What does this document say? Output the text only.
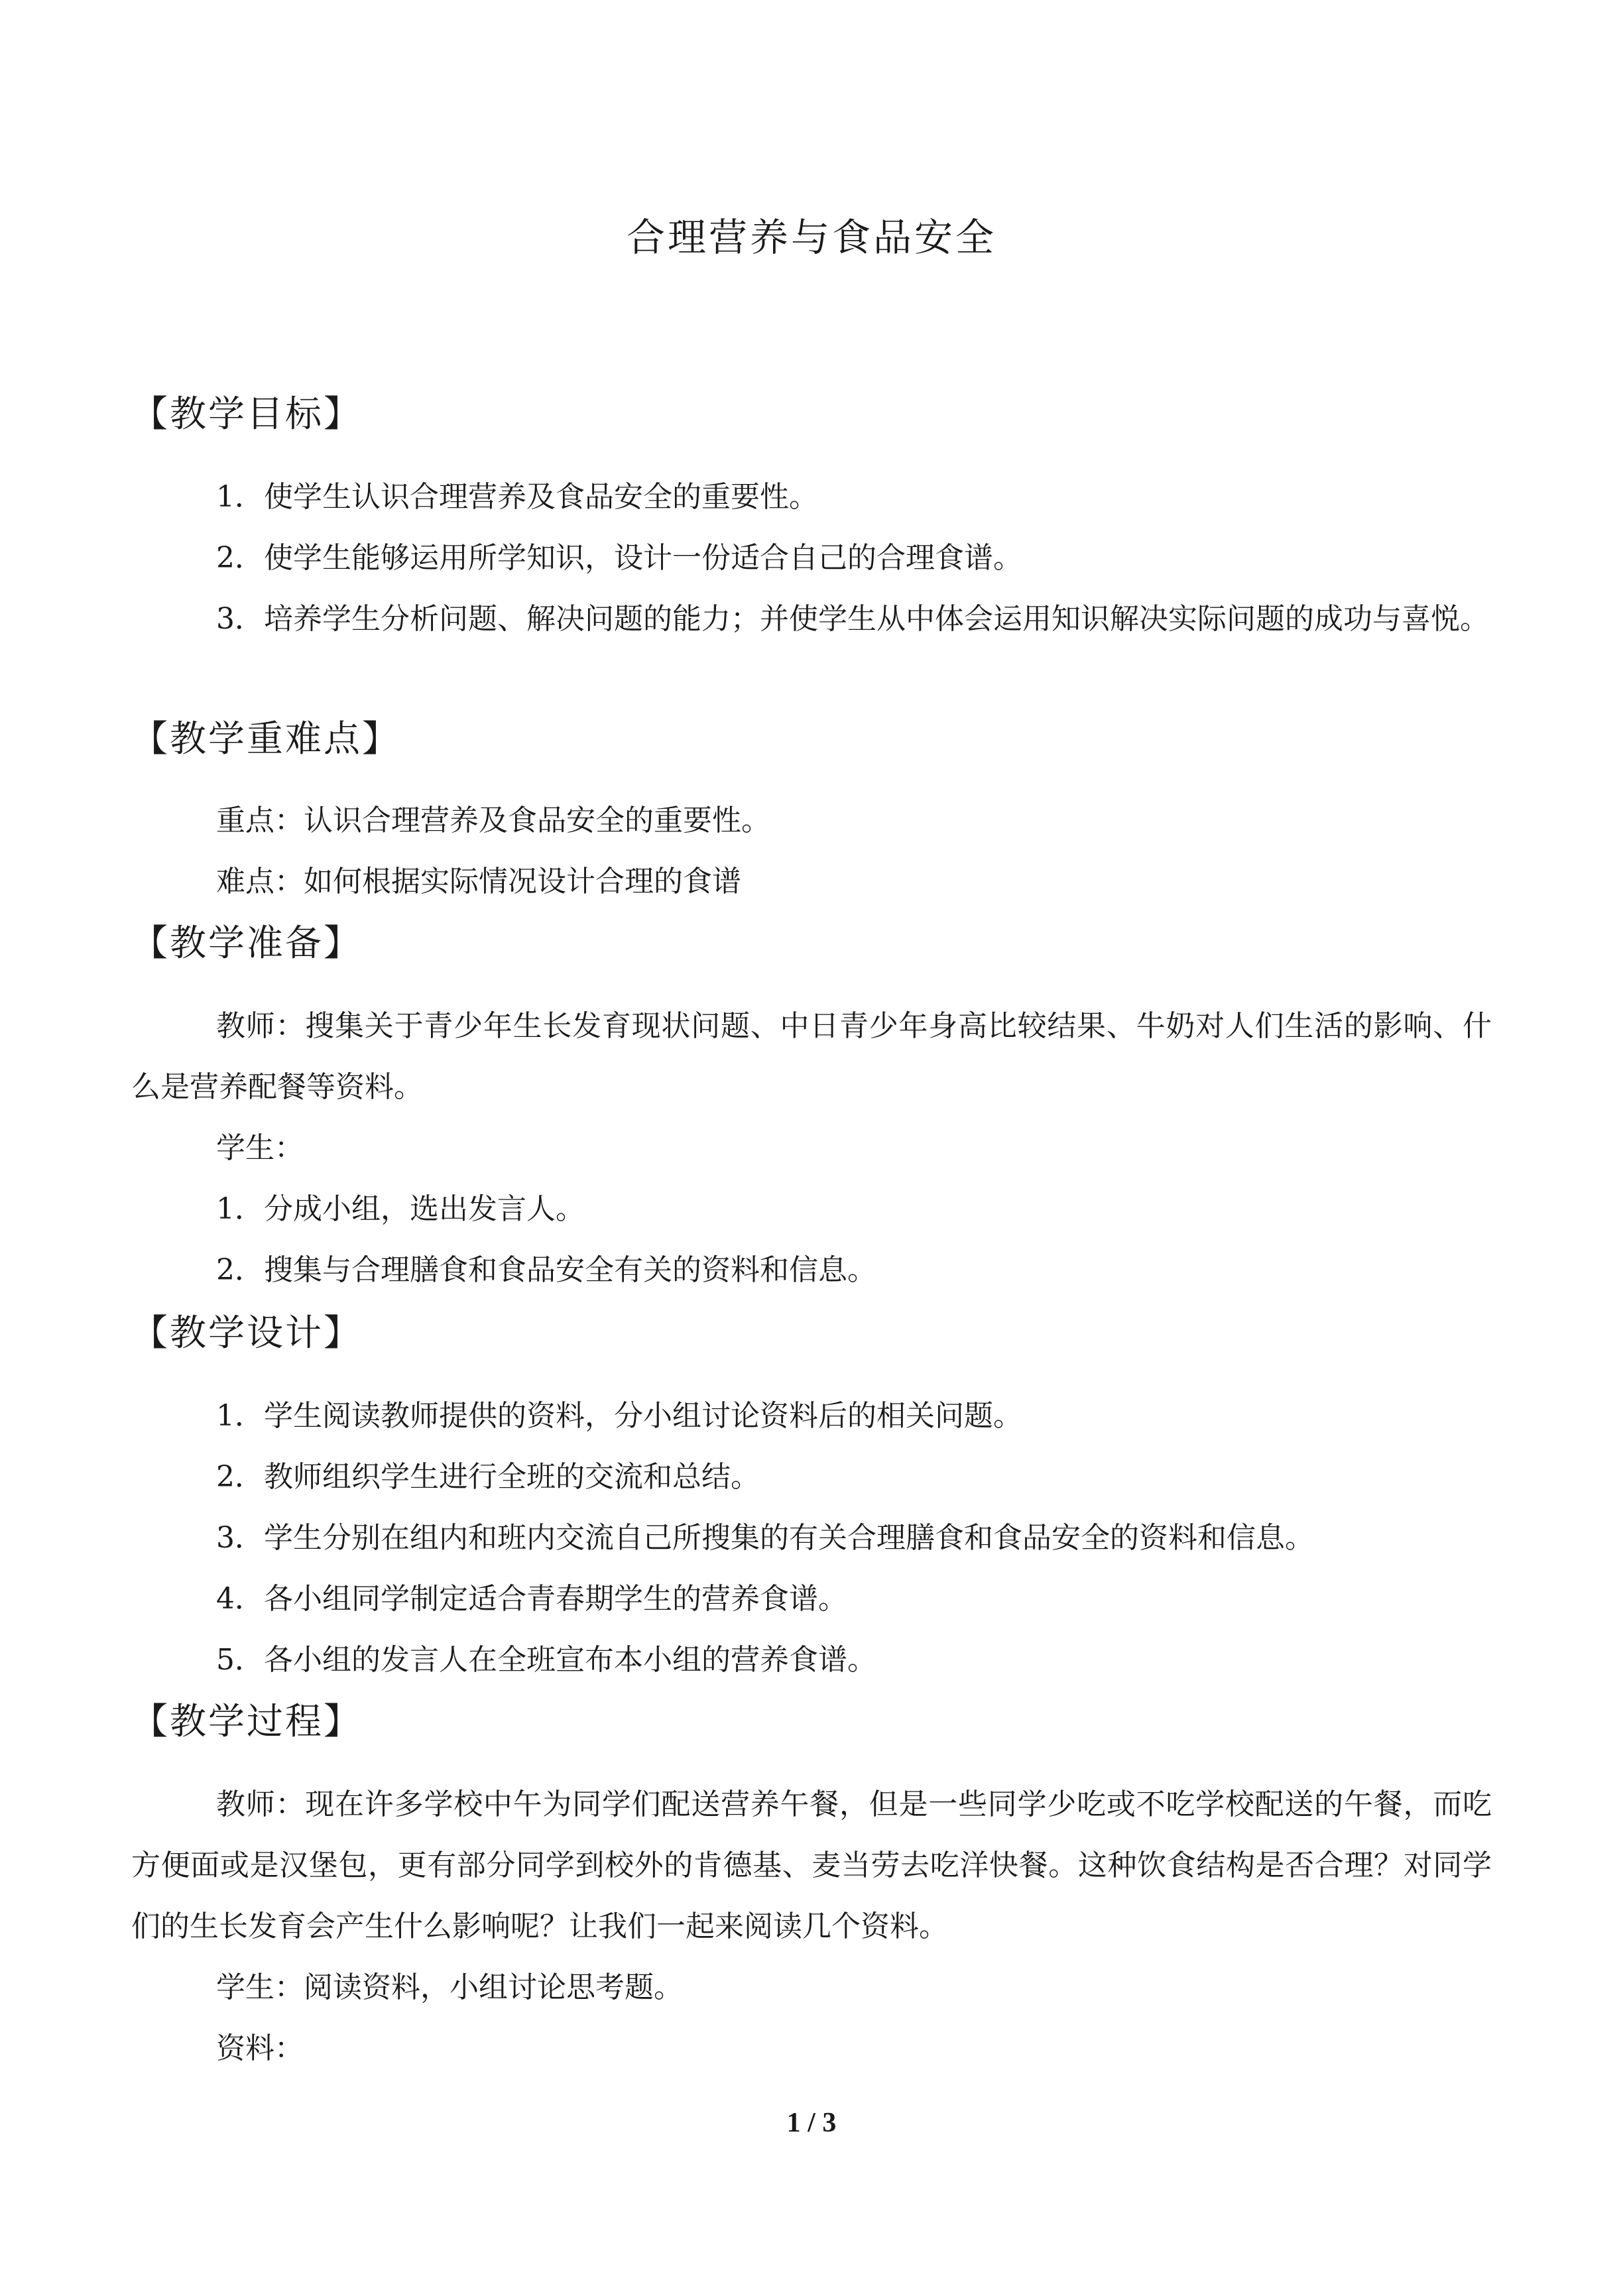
合理营养与食品安全
【教学目标】

1．使学生认识合理营养及食品安全的重要性。

2．使学生能够运用所学知识，设计一份适合自己的合理食谱。

3．培养学生分析问题、解决问题的能力；并使学生从中体会运用知识解决实际问题的成功与喜悦。

【教学重难点】

重点：认识合理营养及食品安全的重要性。

难点：如何根据实际情况设计合理的食谱

【教学准备】

教师：搜集关于青少年生长发育现状问题、中日青少年身高比较结果、牛奶对人们生活的影响、什么是营养配餐等资料。

学生：

1．分成小组，选出发言人。

2．搜集与合理膳食和食品安全有关的资料和信息。

【教学设计】

1．学生阅读教师提供的资料，分小组讨论资料后的相关问题。

2．教师组织学生进行全班的交流和总结。

3．学生分别在组内和班内交流自己所搜集的有关合理膳食和食品安全的资料和信息。

4．各小组同学制定适合青春期学生的营养食谱。

5．各小组的发言人在全班宣布本小组的营养食谱。

【教学过程】

教师：现在许多学校中午为同学们配送营养午餐，但是一些同学少吃或不吃学校配送的午餐，而吃方便面或是汉堡包，更有部分同学到校外的肯德基、麦当劳去吃洋快餐。这种饮食结构是否合理？对同学们的生长发育会产生什么影响呢？让我们一起来阅读几个资料。

学生：阅读资料，小组讨论思考题。

资料：

1 / 3
